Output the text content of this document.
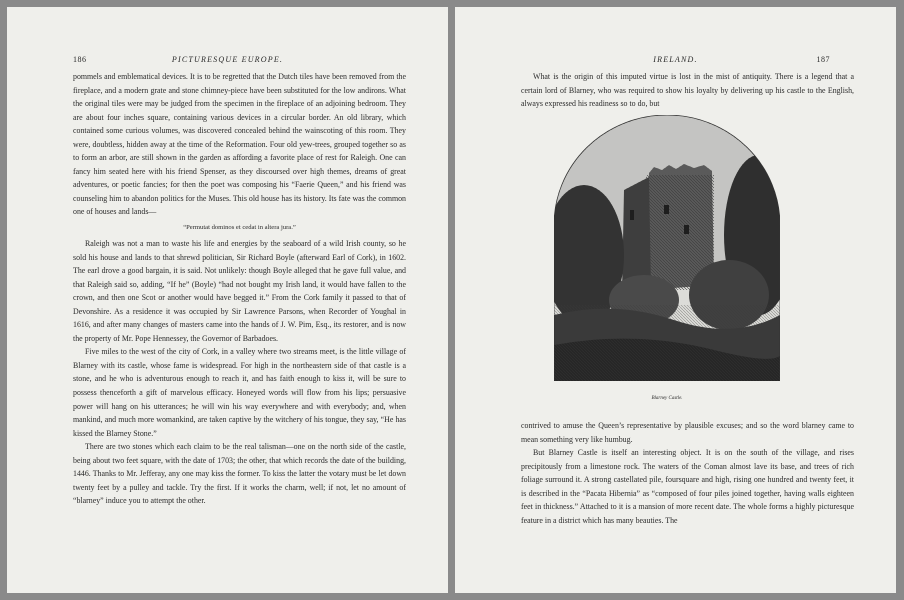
186	PICTURESQUE EUROPE.

pommels and emblematical devices. It is to be regretted that the Dutch tiles have been removed from the fireplace, and a modern grate and stone chimney-piece have been substituted for the low andirons. What the original tiles were may be judged from the specimen in the fireplace of an adjoining bedroom. They are about four inches square, containing various devices in a circular border. An old library, which contained some curious volumes, was discovered concealed behind the wainscoting of this room. They were, doubtless, hidden away at the time of the Reformation. Four old yew-trees, grouped together so as to form an arbor, are still shown in the garden as affording a favorite place of rest for Raleigh. One can fancy him seated here with his friend Spenser, as they discoursed over high themes, dreams of great adventures, or poetic fancies; for then the poet was composing his “Faerie Queen,” and his friend was counseling him to abandon politics for the Muses. This old house has its history. Its fate was the common one of houses and lands—

“Permutat dominos et cedat in altera jura.”

Raleigh was not a man to waste his life and energies by the seaboard of a wild Irish county, so he sold his house and lands to that shrewd politician, Sir Richard Boyle (afterward Earl of Cork), in 1602. The earl drove a good bargain, it is said. Not unlikely: though Boyle alleged that he gave full value, and that Raleigh said so, adding, “If he” (Boyle) “had not bought my Irish land, it would have fallen to the crown, and then one Scot or another would have begged it.” From the Cork family it passed to that of Devonshire. As a residence it was occupied by Sir Lawrence Parsons, when Recorder of Youghal in 1616, and after many changes of masters came into the hands of J. W. Pim, Esq., its restorer, and is now the property of Mr. Pope Hennessey, the Governor of Barbadoes.

Five miles to the west of the city of Cork, in a valley where two streams meet, is the little village of Blarney with its castle, whose fame is widespread. For high in the northeastern side of that castle is a stone, and he who is adventurous enough to reach it, and has faith enough to kiss it, will be sure to possess thenceforth a gift of marvelous efficacy. Honeyed words will flow from his lips; persuasive power will hang on his utterances; he will win his way everywhere and with everybody; and, when mankind, and much more womankind, are taken captive by the witchery of his tongue, they say, “He has kissed the Blarney Stone.”

There are two stones which each claim to be the real talisman—one on the north side of the castle, being about two feet square, with the date of 1703; the other, that which records the date of the building, 1446. Thanks to Mr. Jefferay, any one may kiss the former. To kiss the latter the votary must be let down twenty feet by a pulley and tackle. Try the first. If it works the charm, well; if not, let no amount of “blarney” induce you to attempt the other.

IRELAND.	187

What is the origin of this imputed virtue is lost in the mist of antiquity. There is a legend that a certain lord of Blarney, who was required to show his loyalty by delivering up his castle to the English, always expressed his readiness so to do, but

Blarney Castle.

contrived to amuse the Queen’s representative by plausible excuses; and so the word blarney came to mean something very like humbug.

But Blarney Castle is itself an interesting object. It is on the south of the village, and rises precipitously from a limestone rock. The waters of the Coman almost lave its base, and trees of rich foliage surround it. A strong castellated pile, foursquare and high, rising one hundred and twenty feet, it is described in the “Pacata Hibernia” as “composed of four piles joined together, having walls eighteen feet in thickness.” Attached to it is a mansion of more recent date. The whole forms a highly picturesque feature in a district which has many beauties. The
